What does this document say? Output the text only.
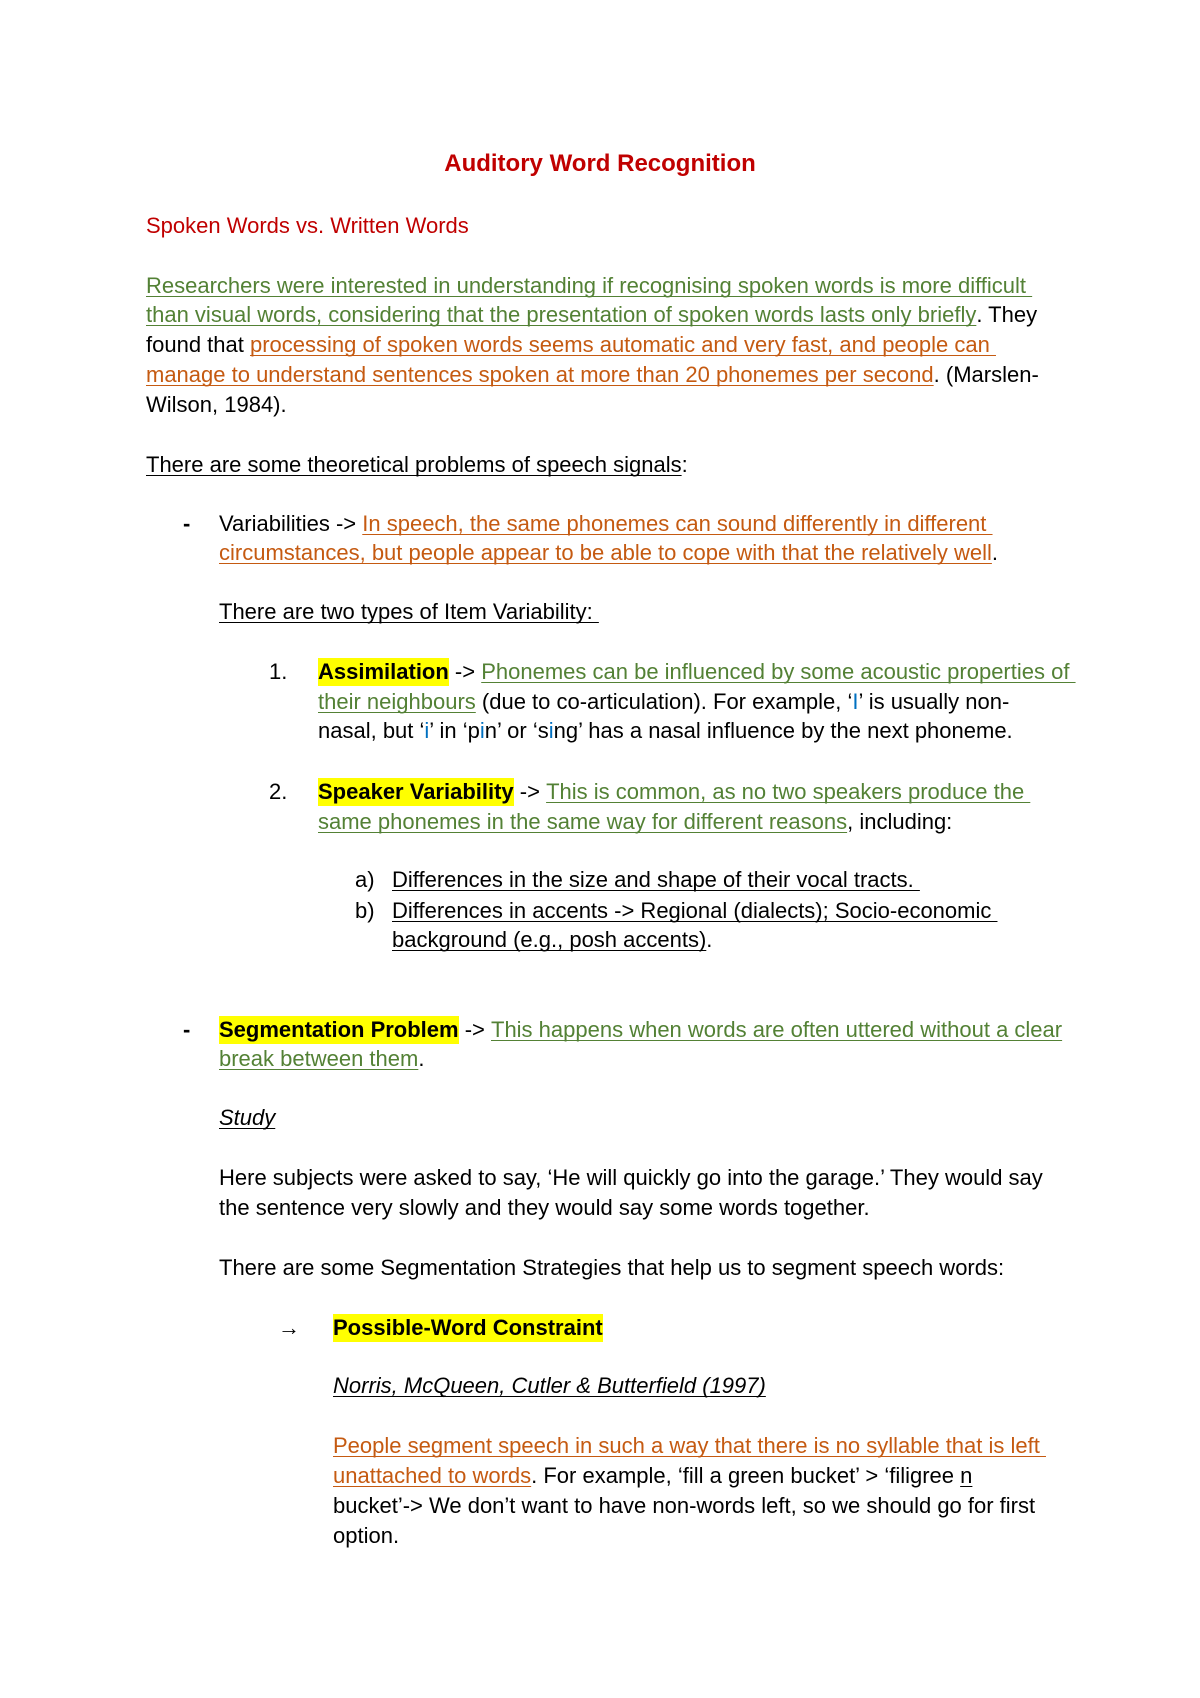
Auditory Word Recognition
Spoken Words vs. Written Words
Researchers were interested in understanding if recognising spoken words is more difficult
than visual words, considering that the presentation of spoken words lasts only briefly . They
found that processing of spoken words seems automatic and very fast, and people can
manage to understand sentences spoken at more than 20 phonemes per second . (Marslen-
Wilson, 1984).
There are some theoretical problems of speech signals :
- Variabilities -> In speech, the same phonemes can sound differently in different
circumstances, but people appear to be able to cope with that the relatively well .
There are two types of Item Variability:
1. Assimilation -> Phonemes can be influenced by some acoustic properties of
their neighbours (due to co-articulation). For example, ‘ I ’ is usually non-
nasal, but ‘ i ’ in ‘p i n’ or ‘s i ng’ has a nasal influence by the next phoneme.
2. Speaker Variability -> This is common, as no two speakers produce the
same phonemes in the same way for different reasons , including:
a) Differences in the size and shape of their vocal tracts.
b) Differences in accents -> Regional (dialects); Socio-economic
background (e.g., posh accents) .
- Segmentation Problem -> This happens when words are often uttered without a clear
break between them .
Study
Here subjects were asked to say, ‘He will quickly go into the garage.’ They would say
the sentence very slowly and they would say some words together.
There are some Segmentation Strategies that help us to segment speech words:
→ Possible-Word Constraint
Norris, McQueen, Cutler & Butterfield (1997)
People segment speech in such a way that there is no syllable that is left
unattached to words . For example, ‘fill a green bucket’ > ‘filigree n
bucket’-> We don’t want to have non-words left, so we should go for first
option.
